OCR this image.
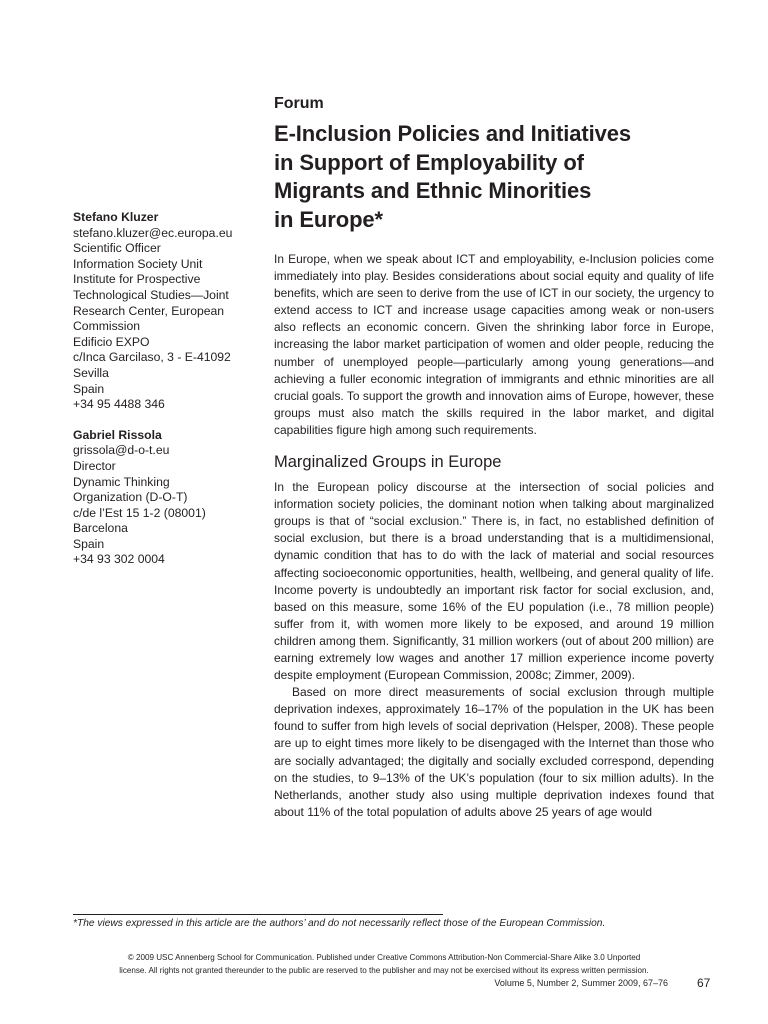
Forum
E-Inclusion Policies and Initiatives
in Support of Employability of
Migrants and Ethnic Minorities
in Europe*
Stefano Kluzer
stefano.kluzer@ec.europa.eu
Scientific Officer
Information Society Unit
Institute for Prospective
Technological Studies—Joint
Research Center, European
Commission
Edificio EXPO
c/Inca Garcilaso, 3 - E-41092
Sevilla
Spain
+34 95 4488 346
Gabriel Rissola
grissola@d-o-t.eu
Director
Dynamic Thinking
Organization (D-O-T)
c/de l’Est 15 1-2 (08001)
Barcelona
Spain
+34 93 302 0004

In Europe, when we speak about ICT and employability, e-Inclusion policies come immediately into play. Besides considerations about social equity and quality of life benefits, which are seen to derive from the use of ICT in our society, the urgency to extend access to ICT and increase usage capacities among weak or non-users also reflects an economic concern. Given the shrinking labor force in Europe, increasing the labor market participation of women and older people, reducing the number of unemployed people—particularly among young generations—and achieving a fuller economic integration of immigrants and ethnic minorities are all crucial goals. To support the growth and innovation aims of Europe, however, these groups must also match the skills required in the labor market, and digital capabilities figure high among such requirements.

Marginalized Groups in Europe

In the European policy discourse at the intersection of social policies and information society policies, the dominant notion when talking about marginalized groups is that of “social exclusion.” There is, in fact, no established definition of social exclusion, but there is a broad understanding that is a multidimensional, dynamic condition that has to do with the lack of material and social resources affecting socioeconomic opportunities, health, wellbeing, and general quality of life. Income poverty is undoubtedly an important risk factor for social exclusion, and, based on this measure, some 16% of the EU population (i.e., 78 million people) suffer from it, with women more likely to be exposed, and around 19 million children among them. Significantly, 31 million workers (out of about 200 million) are earning extremely low wages and another 17 million experience income poverty despite employment (European Commission, 2008c; Zimmer, 2009).

Based on more direct measurements of social exclusion through multiple deprivation indexes, approximately 16–17% of the population in the UK has been found to suffer from high levels of social deprivation (Helsper, 2008). These people are up to eight times more likely to be disengaged with the Internet than those who are socially advantaged; the digitally and socially excluded correspond, depending on the studies, to 9–13% of the UK’s population (four to six million adults). In the Netherlands, another study also using multiple deprivation indexes found that about 11% of the total population of adults above 25 years of age would

*The views expressed in this article are the authors’ and do not necessarily reflect those of the European Commission.
© 2009 USC Annenberg School for Communication. Published under Creative Commons Attribution-Non Commercial-Share Alike 3.0 Unported
license. All rights not granted thereunder to the public are reserved to the publisher and may not be exercised without its express written permission.
Volume 5, Number 2, Summer 2009, 67–76 67
